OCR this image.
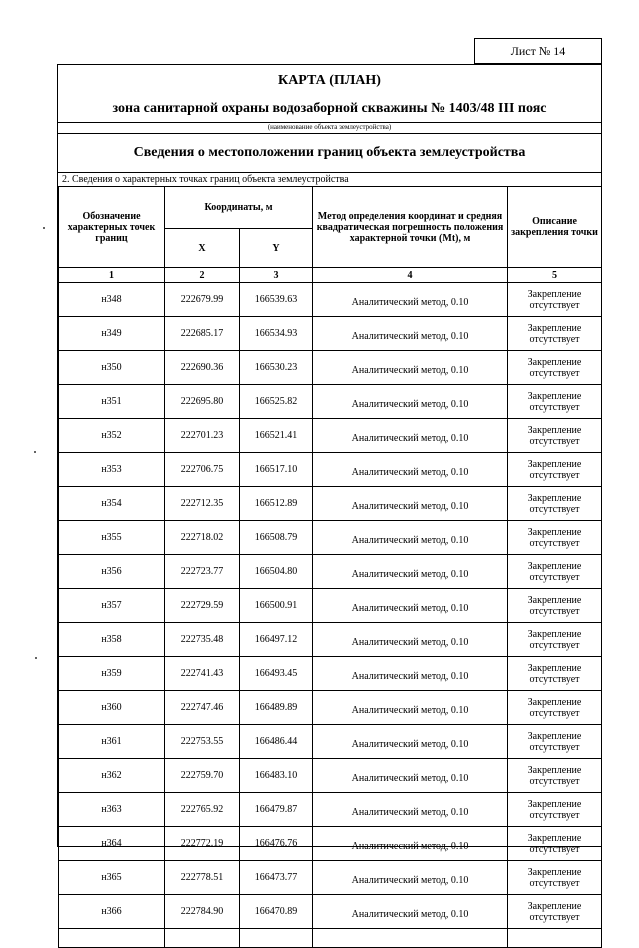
Лист № 14
КАРТА (ПЛАН)
зона санитарной охраны водозаборной скважины № 1403/48 III пояс
(наименование объекта землеустройства)
Сведения о местоположении границ объекта землеустройства
2. Сведения о характерных точках границ объекта землеустройства
Обозначение характерных точек границ	Координаты, м		Метод определения координат и средняя квадратическая погрешность положения характерной точки (Mt), м	Описание закрепления точки
	X	Y		
1	2	3	4	5
н348	222679.99	166539.63	Аналитический метод, 0.10	Закрепление отсутствует
н349	222685.17	166534.93	Аналитический метод, 0.10	Закрепление отсутствует
н350	222690.36	166530.23	Аналитический метод, 0.10	Закрепление отсутствует
н351	222695.80	166525.82	Аналитический метод, 0.10	Закрепление отсутствует
н352	222701.23	166521.41	Аналитический метод, 0.10	Закрепление отсутствует
н353	222706.75	166517.10	Аналитический метод, 0.10	Закрепление отсутствует
н354	222712.35	166512.89	Аналитический метод, 0.10	Закрепление отсутствует
н355	222718.02	166508.79	Аналитический метод, 0.10	Закрепление отсутствует
н356	222723.77	166504.80	Аналитический метод, 0.10	Закрепление отсутствует
н357	222729.59	166500.91	Аналитический метод, 0.10	Закрепление отсутствует
н358	222735.48	166497.12	Аналитический метод, 0.10	Закрепление отсутствует
н359	222741.43	166493.45	Аналитический метод, 0.10	Закрепление отсутствует
н360	222747.46	166489.89	Аналитический метод, 0.10	Закрепление отсутствует
н361	222753.55	166486.44	Аналитический метод, 0.10	Закрепление отсутствует
н362	222759.70	166483.10	Аналитический метод, 0.10	Закрепление отсутствует
н363	222765.92	166479.87	Аналитический метод, 0.10	Закрепление отсутствует
н364	222772.19	166476.76	Аналитический метод, 0.10	Закрепление отсутствует
н365	222778.51	166473.77	Аналитический метод, 0.10	Закрепление отсутствует
н366	222784.90	166470.89	Аналитический метод, 0.10	Закрепление отсутствует
